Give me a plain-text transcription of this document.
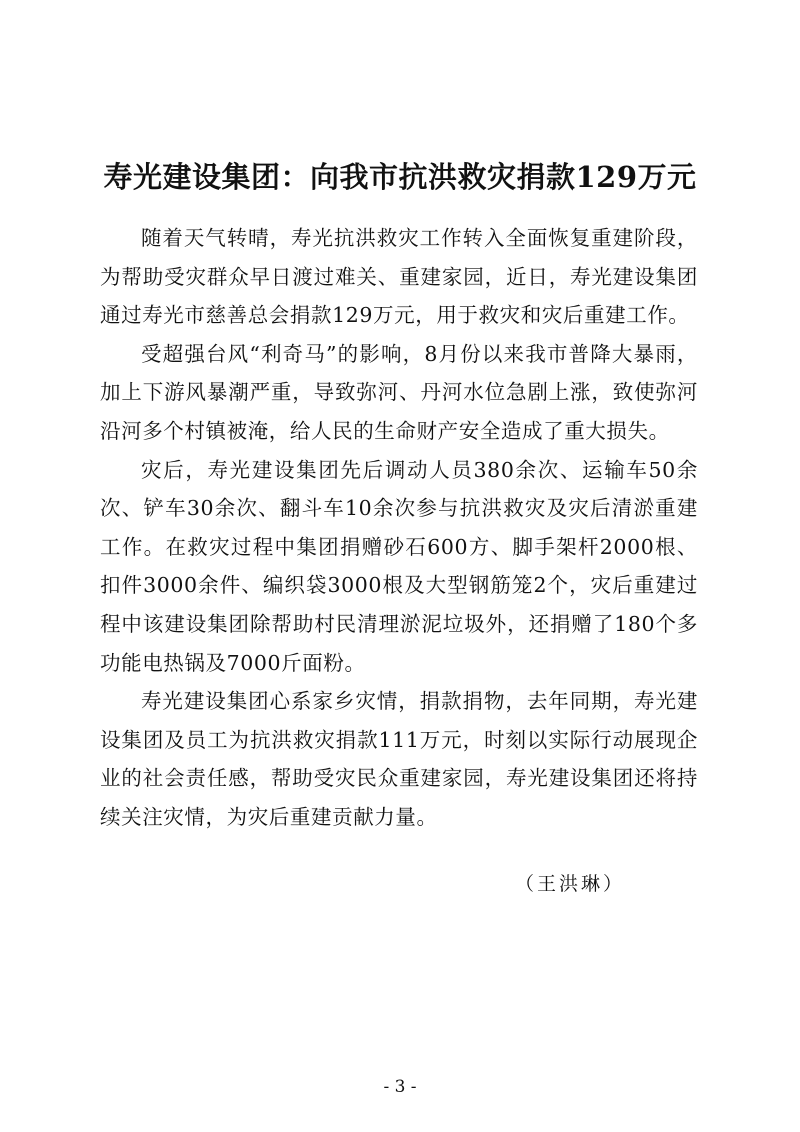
寿光建设集团：向我市抗洪救灾捐款129万元

随着天气转晴，寿光抗洪救灾工作转入全面恢复重建阶段，为帮助受灾群众早日渡过难关、重建家园，近日，寿光建设集团通过寿光市慈善总会捐款129万元，用于救灾和灾后重建工作。

受超强台风“利奇马”的影响，8月份以来我市普降大暴雨，加上下游风暴潮严重，导致弥河、丹河水位急剧上涨，致使弥河沿河多个村镇被淹，给人民的生命财产安全造成了重大损失。

灾后，寿光建设集团先后调动人员380余次、运输车50余次、铲车30余次、翻斗车10余次参与抗洪救灾及灾后清淤重建工作。在救灾过程中集团捐赠砂石600方、脚手架杆2000根、扣件3000余件、编织袋3000根及大型钢筋笼2个，灾后重建过程中该建设集团除帮助村民清理淤泥垃圾外，还捐赠了180个多功能电热锅及7000斤面粉。

寿光建设集团心系家乡灾情，捐款捐物，去年同期，寿光建设集团及员工为抗洪救灾捐款111万元，时刻以实际行动展现企业的社会责任感，帮助受灾民众重建家园，寿光建设集团还将持续关注灾情，为灾后重建贡献力量。

（王洪琳）
- 3 -
